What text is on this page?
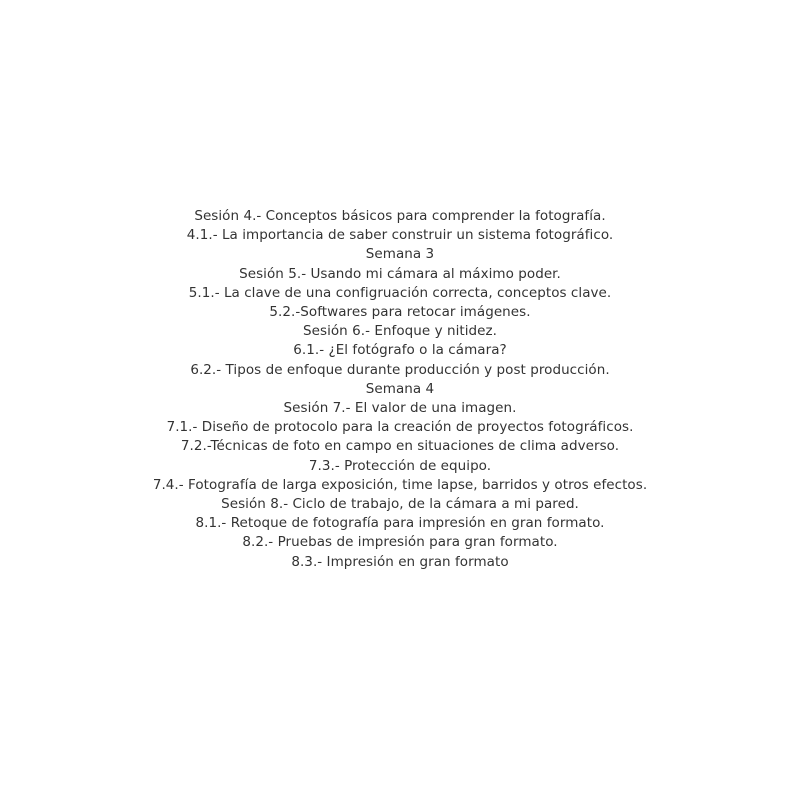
Sesión 4.- Conceptos básicos para comprender la fotografía.
4.1.- La importancia de saber construir un sistema fotográfico.
Semana 3
Sesión 5.- Usando mi cámara al máximo poder.
5.1.- La clave de una configruación correcta, conceptos clave.
5.2.-Softwares para retocar imágenes.
Sesión 6.- Enfoque y nitidez.
6.1.- ¿El fotógrafo o la cámara?
6.2.- Tipos de enfoque durante producción y post producción.
Semana 4
Sesión 7.- El valor de una imagen.
7.1.- Diseño de protocolo para la creación de proyectos fotográficos.
7.2.-Técnicas de foto en campo en situaciones de clima adverso.
7.3.- Protección de equipo.
7.4.- Fotografía de larga exposición, time lapse, barridos y otros efectos.
Sesión 8.- Ciclo de trabajo, de la cámara a mi pared.
8.1.- Retoque de fotografía para impresión en gran formato.
8.2.- Pruebas de impresión para gran formato.
8.3.- Impresión en gran formato
